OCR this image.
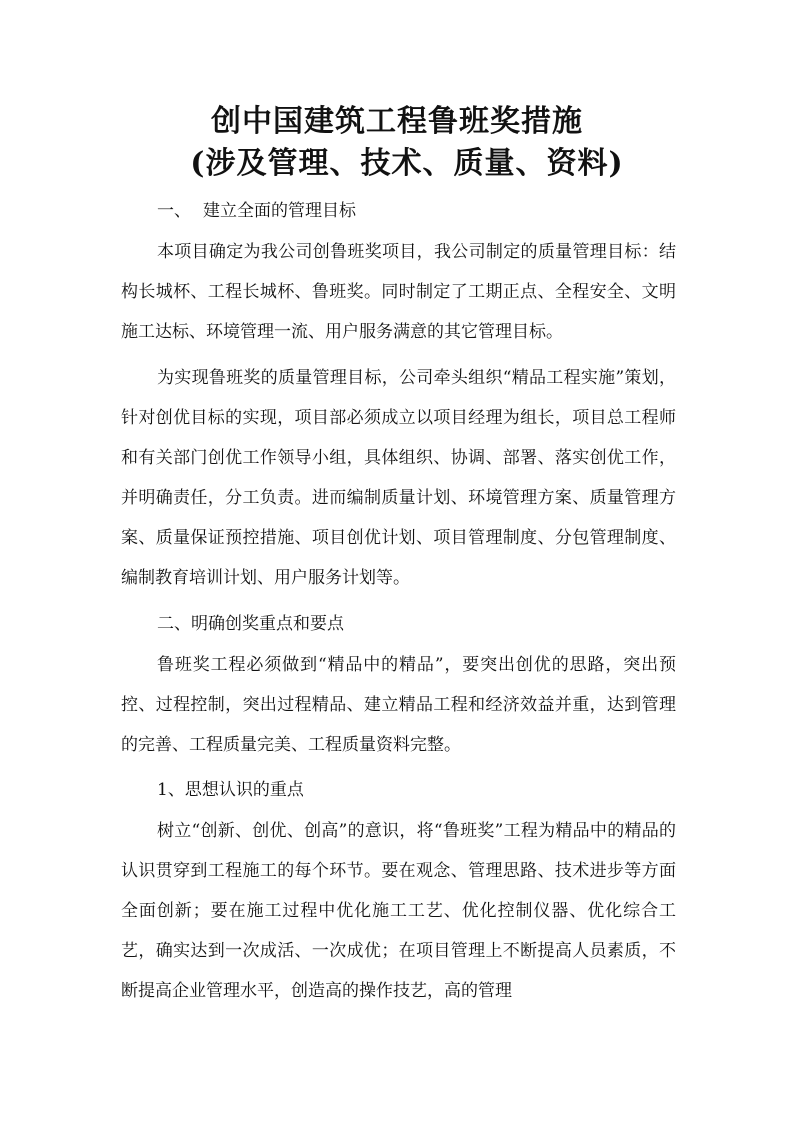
创中国建筑工程鲁班奖措施
(涉及管理、技术、质量、资料)
一、 建立全面的管理目标

本项目确定为我公司创鲁班奖项目，我公司制定的质量管理目标：结构长城杯、工程长城杯、鲁班奖。同时制定了工期正点、全程安全、文明施工达标、环境管理一流、用户服务满意的其它管理目标。

为实现鲁班奖的质量管理目标，公司牵头组织“精品工程实施”策划，针对创优目标的实现，项目部必须成立以项目经理为组长，项目总工程师和有关部门创优工作领导小组，具体组织、协调、部署、落实创优工作，并明确责任，分工负责。进而编制质量计划、环境管理方案、质量管理方案、质量保证预控措施、项目创优计划、项目管理制度、分包管理制度、编制教育培训计划、用户服务计划等。

二、明确创奖重点和要点

鲁班奖工程必须做到“精品中的精品”，要突出创优的思路，突出预控、过程控制，突出过程精品、建立精品工程和经济效益并重，达到管理的完善、工程质量完美、工程质量资料完整。

1、思想认识的重点

树立“创新、创优、创高”的意识，将“鲁班奖”工程为精品中的精品的认识贯穿到工程施工的每个环节。要在观念、管理思路、技术进步等方面全面创新；要在施工过程中优化施工工艺、优化控制仪器、优化综合工艺，确实达到一次成活、一次成优；在项目管理上不断提高人员素质，不断提高企业管理水平，创造高的操作技艺，高的管理
